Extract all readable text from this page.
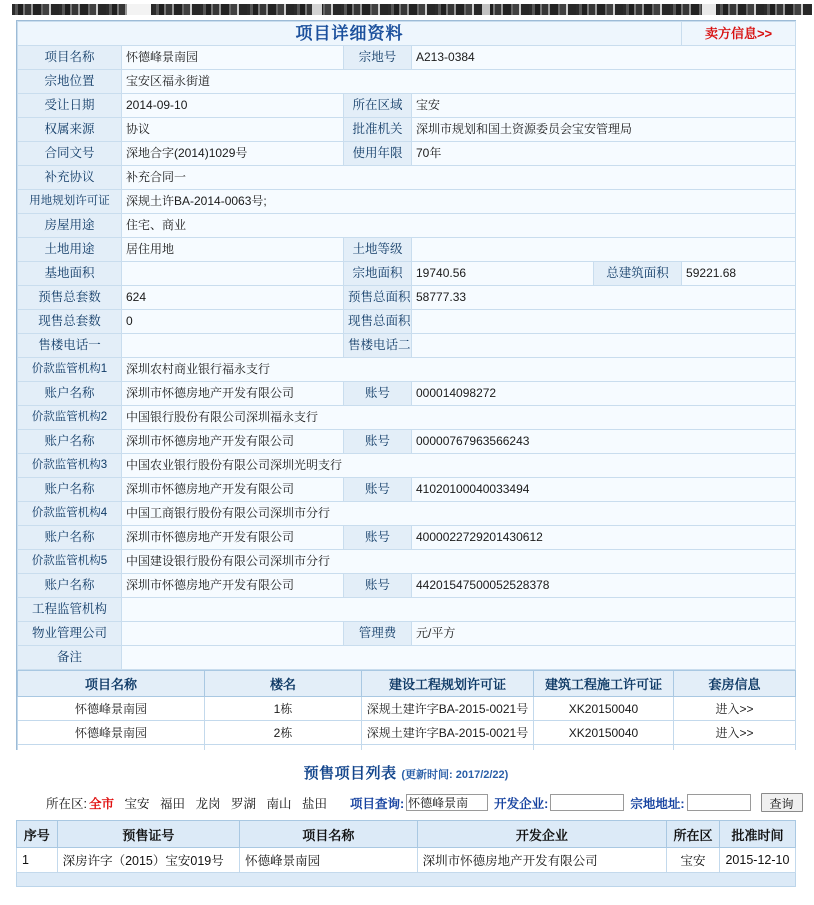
项目详细资料					卖方信息>>
项目名称	怀德峰景南园	宗地号	A213-0384		
宗地位置	宝安区福永街道				
受让日期	2014-09-10	所在区域	宝安		
权属来源	协议	批准机关	深圳市规划和国土资源委员会宝安管理局		
合同文号	深地合字(2014)1029号	使用年限	70年		
补充协议	补充合同一				
用地规划许可证	深规土许BA-2014-0063号;				
房屋用途	住宅、商业				
土地用途	居住用地	土地等级			
基地面积		宗地面积	19740.56	总建筑面积	59221.68
预售总套数	624	预售总面积	58777.33		
现售总套数	0	现售总面积			
售楼电话一		售楼电话二			
价款监管机构1	深圳农村商业银行福永支行				
账户名称	深圳市怀德房地产开发有限公司	账号	000014098272		
价款监管机构2	中国银行股份有限公司深圳福永支行				
账户名称	深圳市怀德房地产开发有限公司	账号	00000767963566243		
价款监管机构3	中国农业银行股份有限公司深圳光明支行				
账户名称	深圳市怀德房地产开发有限公司	账号	41020100040033494		
价款监管机构4	中国工商银行股份有限公司深圳市分行				
账户名称	深圳市怀德房地产开发有限公司	账号	4000022729201430612		
价款监管机构5	中国建设银行股份有限公司深圳市分行				
账户名称	深圳市怀德房地产开发有限公司	账号	44201547500052528378		
工程监管机构					
物业管理公司		管理费	元/平方		
备注					
项目名称	楼名	建设工程规划许可证	建筑工程施工许可证	套房信息
怀德峰景南园	1栋	深规土建许字BA-2015-0021号	XK20150040	进入>>
怀德峰景南园	2栋	深规土建许字BA-2015-0021号	XK20150040	进入>>

预售项目列表 (更新时间: 2017/2/22)
所在区: 全市 宝安 福田 龙岗 罗湖 南山 盐田	项目查询:
怀德峰景南	开发企业:	宗地地址:	查询
序号	预售证号	项目名称	开发企业	所在区	批准时间
1	深房许字（2015）宝安019号	怀德峰景南园	深圳市怀德房地产开发有限公司	宝安	2015-12-10
